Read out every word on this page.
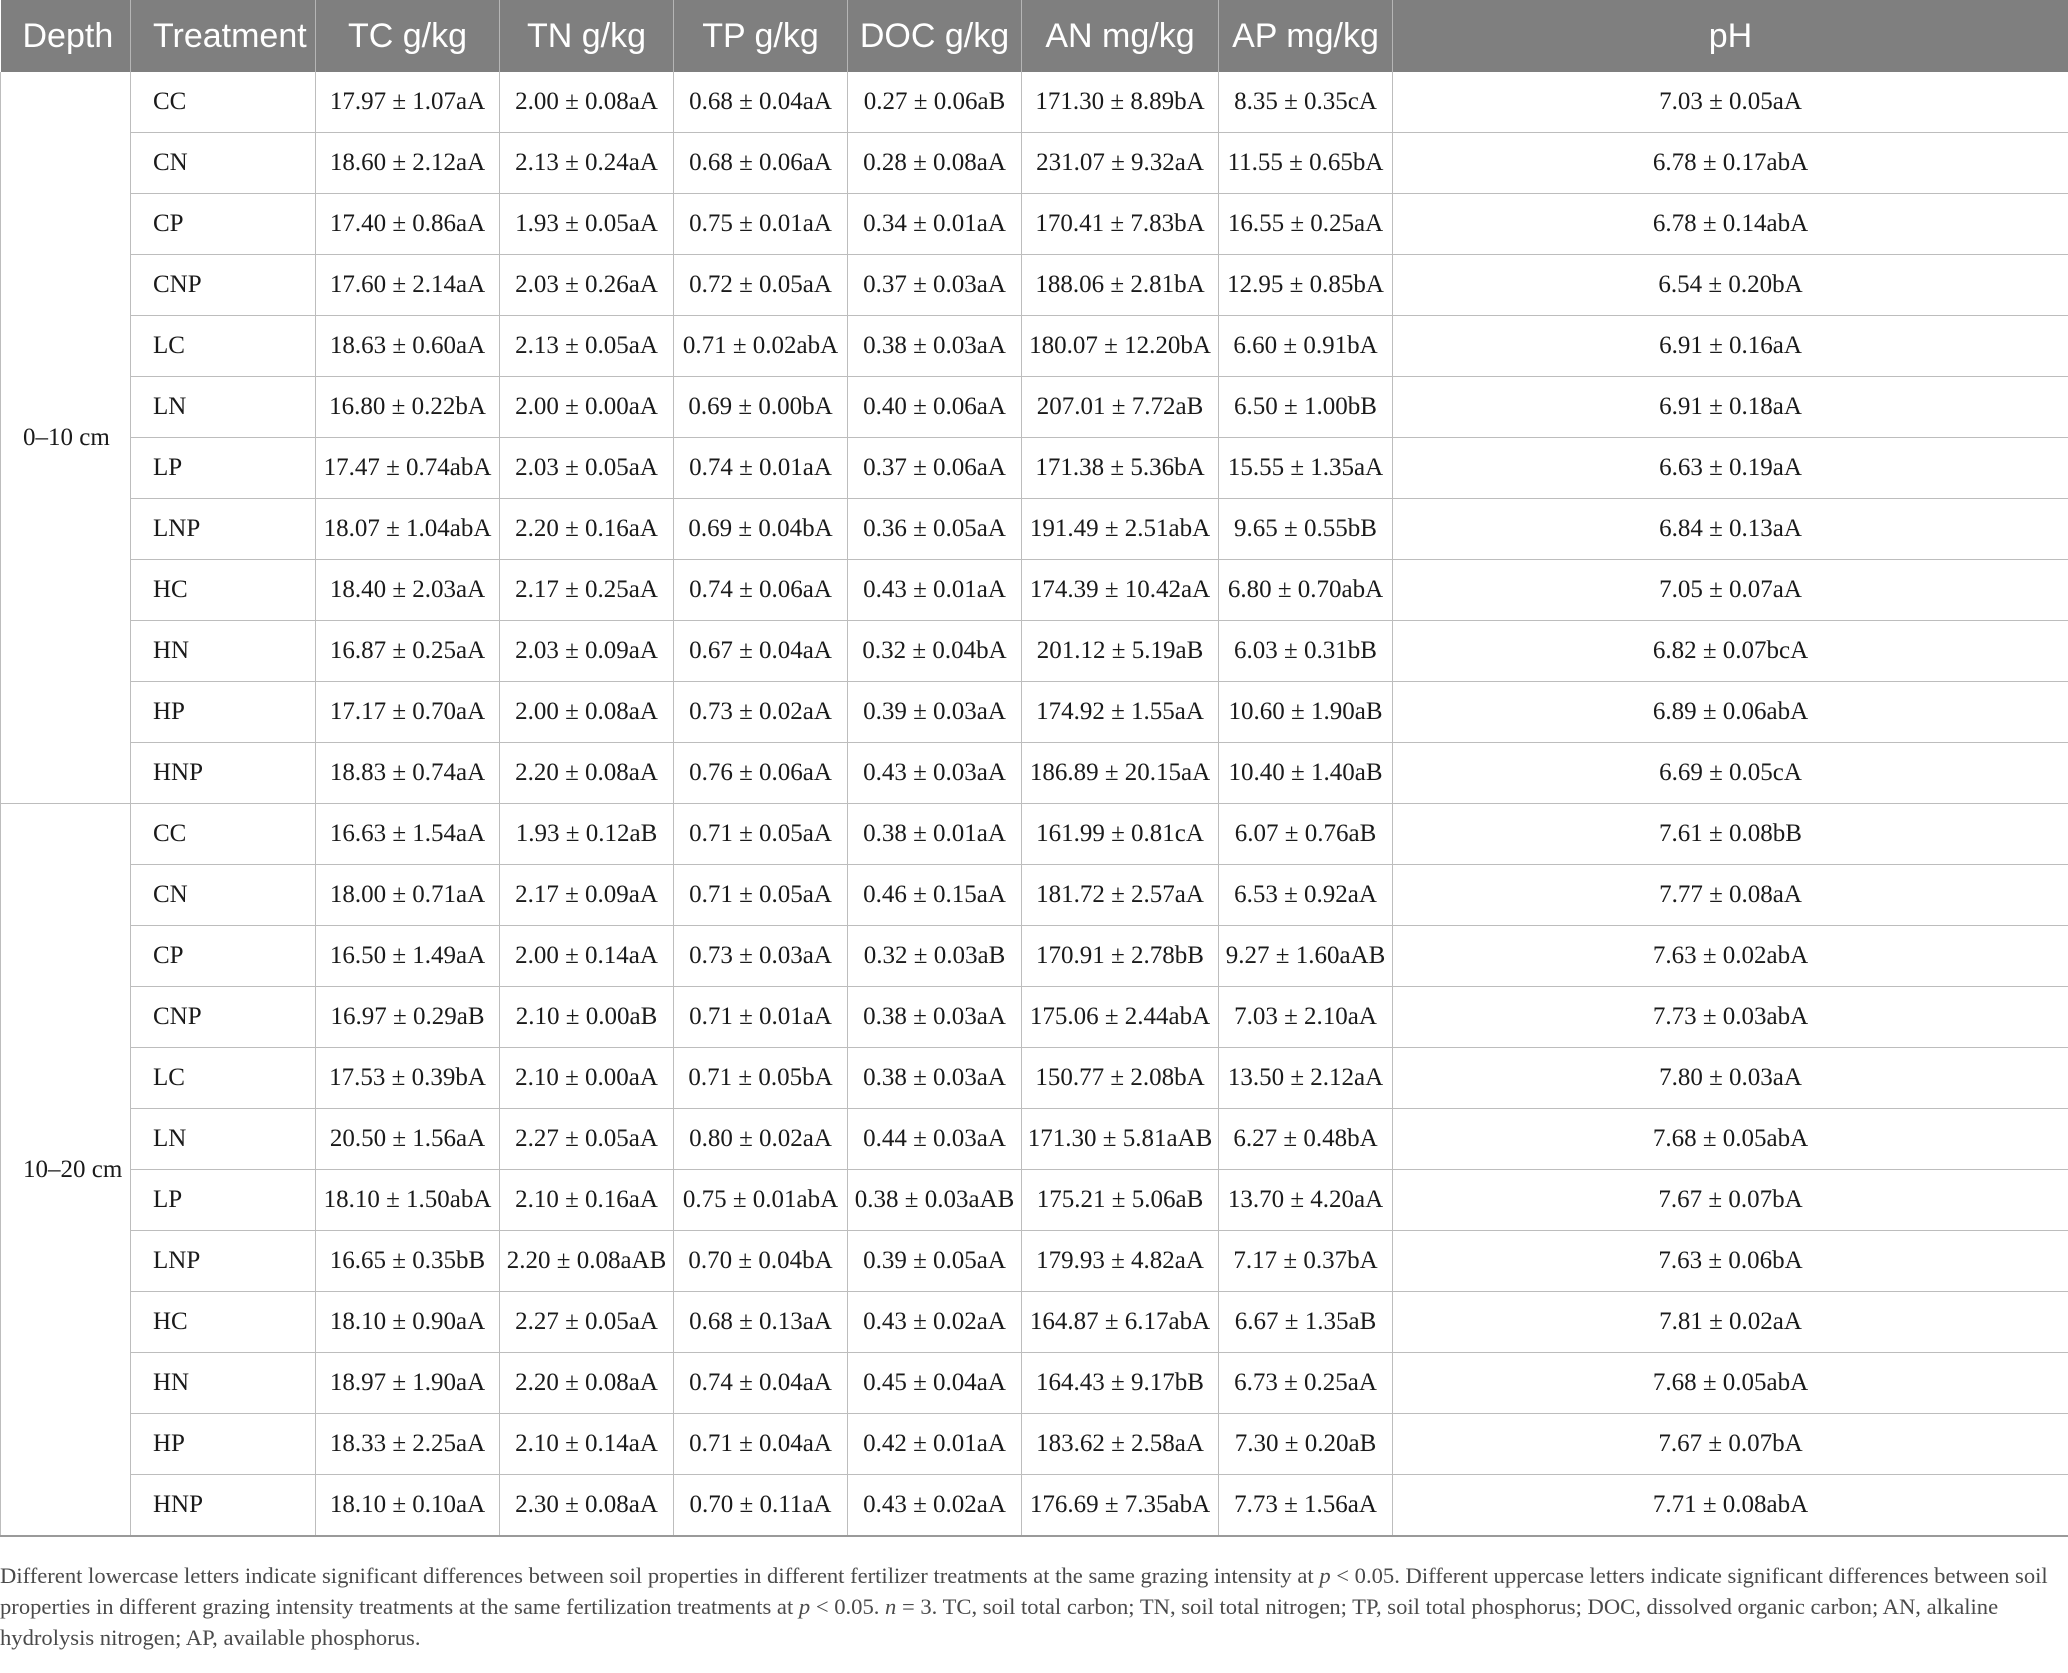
Depth	Treatment	TC g/kg	TN g/kg	TP g/kg	DOC g/kg	AN mg/kg	AP mg/kg	pH
0–10 cm	CC	17.97 ± 1.07aA	2.00 ± 0.08aA	0.68 ± 0.04aA	0.27 ± 0.06aB	171.30 ± 8.89bA	8.35 ± 0.35cA	7.03 ± 0.05aA
	CN	18.60 ± 2.12aA	2.13 ± 0.24aA	0.68 ± 0.06aA	0.28 ± 0.08aA	231.07 ± 9.32aA	11.55 ± 0.65bA	6.78 ± 0.17abA
	CP	17.40 ± 0.86aA	1.93 ± 0.05aA	0.75 ± 0.01aA	0.34 ± 0.01aA	170.41 ± 7.83bA	16.55 ± 0.25aA	6.78 ± 0.14abA
	CNP	17.60 ± 2.14aA	2.03 ± 0.26aA	0.72 ± 0.05aA	0.37 ± 0.03aA	188.06 ± 2.81bA	12.95 ± 0.85bA	6.54 ± 0.20bA
	LC	18.63 ± 0.60aA	2.13 ± 0.05aA	0.71 ± 0.02abA	0.38 ± 0.03aA	180.07 ± 12.20bA	6.60 ± 0.91bA	6.91 ± 0.16aA
	LN	16.80 ± 0.22bA	2.00 ± 0.00aA	0.69 ± 0.00bA	0.40 ± 0.06aA	207.01 ± 7.72aB	6.50 ± 1.00bB	6.91 ± 0.18aA
	LP	17.47 ± 0.74abA	2.03 ± 0.05aA	0.74 ± 0.01aA	0.37 ± 0.06aA	171.38 ± 5.36bA	15.55 ± 1.35aA	6.63 ± 0.19aA
	LNP	18.07 ± 1.04abA	2.20 ± 0.16aA	0.69 ± 0.04bA	0.36 ± 0.05aA	191.49 ± 2.51abA	9.65 ± 0.55bB	6.84 ± 0.13aA
	HC	18.40 ± 2.03aA	2.17 ± 0.25aA	0.74 ± 0.06aA	0.43 ± 0.01aA	174.39 ± 10.42aA	6.80 ± 0.70abA	7.05 ± 0.07aA
	HN	16.87 ± 0.25aA	2.03 ± 0.09aA	0.67 ± 0.04aA	0.32 ± 0.04bA	201.12 ± 5.19aB	6.03 ± 0.31bB	6.82 ± 0.07bcA
	HP	17.17 ± 0.70aA	2.00 ± 0.08aA	0.73 ± 0.02aA	0.39 ± 0.03aA	174.92 ± 1.55aA	10.60 ± 1.90aB	6.89 ± 0.06abA
	HNP	18.83 ± 0.74aA	2.20 ± 0.08aA	0.76 ± 0.06aA	0.43 ± 0.03aA	186.89 ± 20.15aA	10.40 ± 1.40aB	6.69 ± 0.05cA
10–20 cm	CC	16.63 ± 1.54aA	1.93 ± 0.12aB	0.71 ± 0.05aA	0.38 ± 0.01aA	161.99 ± 0.81cA	6.07 ± 0.76aB	7.61 ± 0.08bB
	CN	18.00 ± 0.71aA	2.17 ± 0.09aA	0.71 ± 0.05aA	0.46 ± 0.15aA	181.72 ± 2.57aA	6.53 ± 0.92aA	7.77 ± 0.08aA
	CP	16.50 ± 1.49aA	2.00 ± 0.14aA	0.73 ± 0.03aA	0.32 ± 0.03aB	170.91 ± 2.78bB	9.27 ± 1.60aAB	7.63 ± 0.02abA
	CNP	16.97 ± 0.29aB	2.10 ± 0.00aB	0.71 ± 0.01aA	0.38 ± 0.03aA	175.06 ± 2.44abA	7.03 ± 2.10aA	7.73 ± 0.03abA
	LC	17.53 ± 0.39bA	2.10 ± 0.00aA	0.71 ± 0.05bA	0.38 ± 0.03aA	150.77 ± 2.08bA	13.50 ± 2.12aA	7.80 ± 0.03aA
	LN	20.50 ± 1.56aA	2.27 ± 0.05aA	0.80 ± 0.02aA	0.44 ± 0.03aA	171.30 ± 5.81aAB	6.27 ± 0.48bA	7.68 ± 0.05abA
	LP	18.10 ± 1.50abA	2.10 ± 0.16aA	0.75 ± 0.01abA	0.38 ± 0.03aAB	175.21 ± 5.06aB	13.70 ± 4.20aA	7.67 ± 0.07bA
	LNP	16.65 ± 0.35bB	2.20 ± 0.08aAB	0.70 ± 0.04bA	0.39 ± 0.05aA	179.93 ± 4.82aA	7.17 ± 0.37bA	7.63 ± 0.06bA
	HC	18.10 ± 0.90aA	2.27 ± 0.05aA	0.68 ± 0.13aA	0.43 ± 0.02aA	164.87 ± 6.17abA	6.67 ± 1.35aB	7.81 ± 0.02aA
	HN	18.97 ± 1.90aA	2.20 ± 0.08aA	0.74 ± 0.04aA	0.45 ± 0.04aA	164.43 ± 9.17bB	6.73 ± 0.25aA	7.68 ± 0.05abA
	HP	18.33 ± 2.25aA	2.10 ± 0.14aA	0.71 ± 0.04aA	0.42 ± 0.01aA	183.62 ± 2.58aA	7.30 ± 0.20aB	7.67 ± 0.07bA
	HNP	18.10 ± 0.10aA	2.30 ± 0.08aA	0.70 ± 0.11aA	0.43 ± 0.02aA	176.69 ± 7.35abA	7.73 ± 1.56aA	7.71 ± 0.08abA

Different lowercase letters indicate significant differences between soil properties in different fertilizer treatments at the same grazing intensity at p < 0.05. Different uppercase letters indicate significant differences between soil properties in different grazing intensity treatments at the same fertilization treatments at p < 0.05. n = 3. TC, soil total carbon; TN, soil total nitrogen; TP, soil total phosphorus; DOC, dissolved organic carbon; AN, alkaline hydrolysis nitrogen; AP, available phosphorus.
